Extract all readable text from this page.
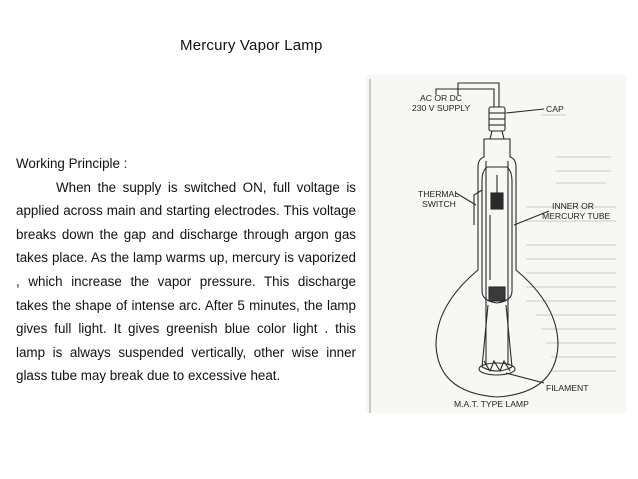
Mercury Vapor Lamp
Working Principle :
When the supply is switched ON, full voltage is applied across main and starting electrodes. This voltage breaks down the gap and discharge through argon gas takes place. As the lamp warms up, mercury is vaporized , which increase the vapor pressure. This discharge takes the shape of intense arc. After 5 minutes, the lamp gives full light. It gives greenish blue color light . this lamp is always suspended vertically, other wise inner glass tube may break due to excessive heat.
AC OR DC
230 V SUPPLY	CAP
THERMAL
SWITCH	INNER OR
MERCURY TUBE
FILAMENT
M.A.T. TYPE LAMP
